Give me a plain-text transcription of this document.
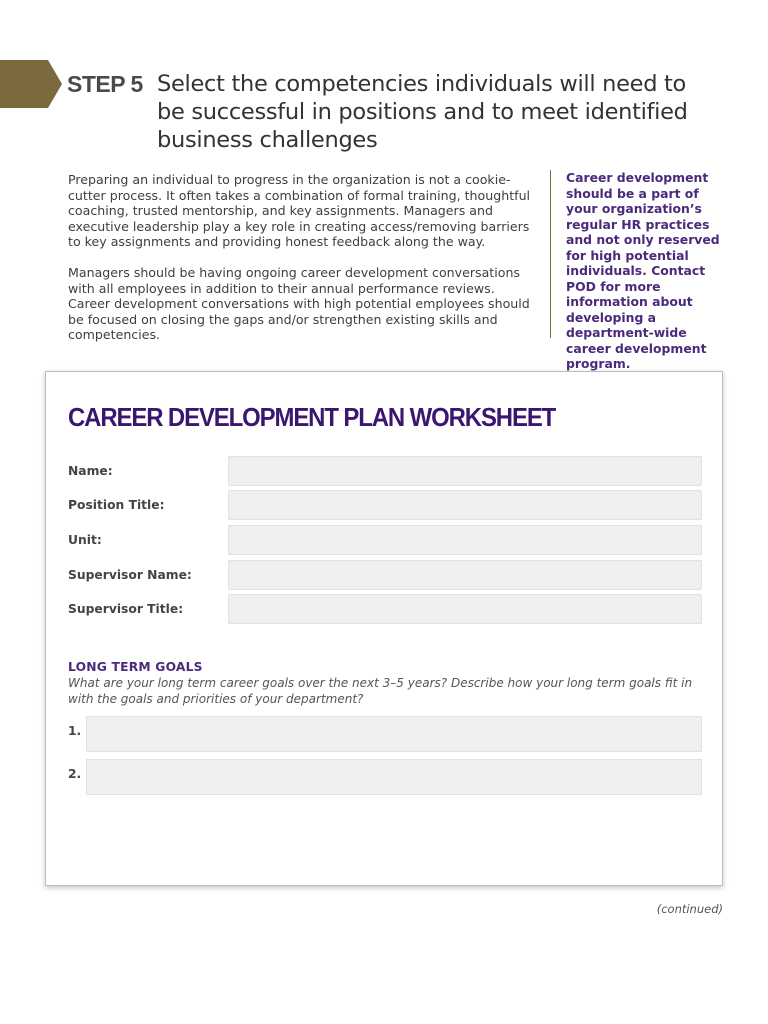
STEP 5 Select the competencies individuals will need to be successful in positions and to meet identified business challenges

Preparing an individual to progress in the organization is not a cookie-cutter process. It often takes a combination of formal training, thoughtful coaching, trusted mentorship, and key assignments. Managers and executive leadership play a key role in creating access/removing barriers to key assignments and providing honest feedback along the way.

Managers should be having ongoing career development conversations with all employees in addition to their annual performance reviews. Career development conversations with high potential employees should be focused on closing the gaps and/or strengthen existing skills and competencies.

Career development should be a part of your organization’s regular HR practices and not only reserved for high potential individuals. Contact POD for more information about developing a department-wide career development program.
CAREER DEVELOPMENT PLAN WORKSHEET
Name:
Position Title:
Unit:
Supervisor Name:
Supervisor Title:
LONG TERM GOALS
What are your long term career goals over the next 3–5 years? Describe how your long term goals fit in with the goals and priorities of your department?
1.
2.
(continued)
